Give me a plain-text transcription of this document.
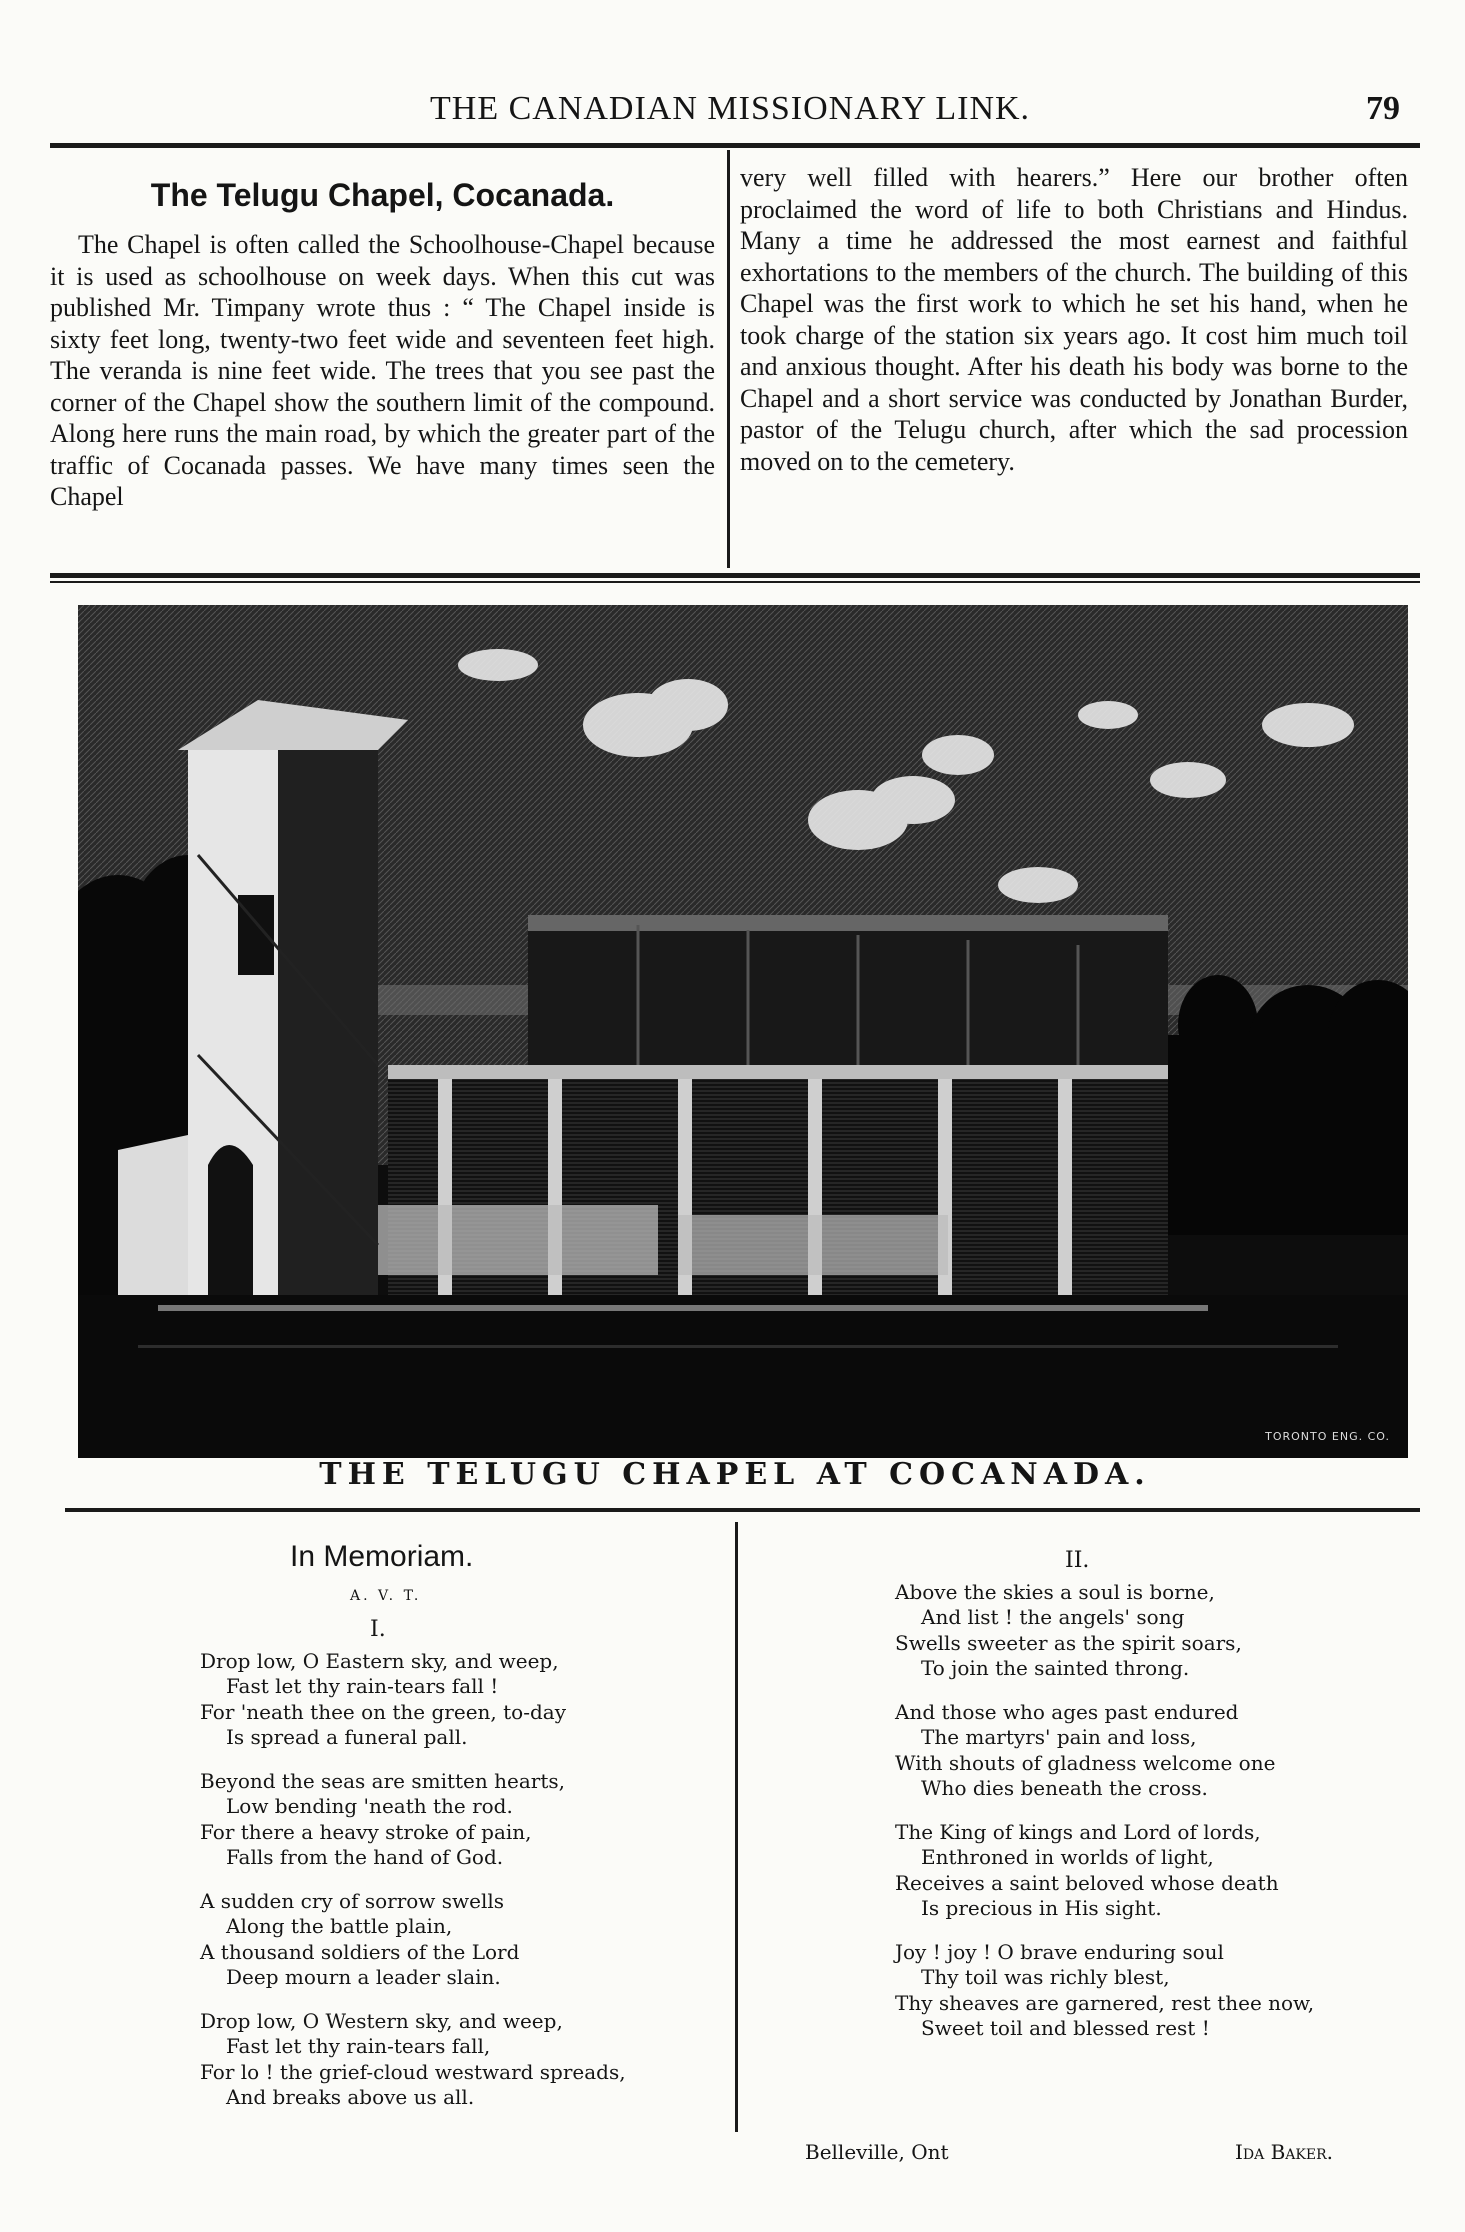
THE CANADIAN MISSIONARY LINK.	79
The Telugu Chapel, Cocanada.

The Chapel is often called the Schoolhouse-Chapel because it is used as schoolhouse on week days. When this cut was published Mr. Timpany wrote thus : “ The Chapel inside is sixty feet long, twenty-two feet wide and seventeen feet high. The veranda is nine feet wide. The trees that you see past the corner of the Chapel show the southern limit of the compound. Along here runs the main road, by which the greater part of the traffic of Cocanada passes. We have many times seen the Chapel

very well filled with hearers.” Here our brother often proclaimed the word of life to both Christians and Hindus. Many a time he addressed the most earnest and faithful exhortations to the members of the church. The building of this Chapel was the first work to which he set his hand, when he took charge of the station six years ago. It cost him much toil and anxious thought. After his death his body was borne to the Chapel and a short service was conducted by Jonathan Burder, pastor of the Telugu church, after which the sad procession moved on to the cemetery.

TORONTO ENG. CO.
THE TELUGU CHAPEL AT COCANADA.
In Memoriam.
A. V. T.
I.
Drop low, O Eastern sky, and weep,
Fast let thy rain-tears fall !
For 'neath thee on the green, to-day
Is spread a funeral pall.
Beyond the seas are smitten hearts,
Low bending 'neath the rod.
For there a heavy stroke of pain,
Falls from the hand of God.
A sudden cry of sorrow swells
Along the battle plain,
A thousand soldiers of the Lord
Deep mourn a leader slain.
Drop low, O Western sky, and weep,
Fast let thy rain-tears fall,
For lo ! the grief-cloud westward spreads,
And breaks above us all.
II.
Above the skies a soul is borne,
And list ! the angels' song
Swells sweeter as the spirit soars,
To join the sainted throng.
And those who ages past endured
The martyrs' pain and loss,
With shouts of gladness welcome one
Who dies beneath the cross.
The King of kings and Lord of lords,
Enthroned in worlds of light,
Receives a saint beloved whose death
Is precious in His sight.
Joy ! joy ! O brave enduring soul
Thy toil was richly blest,
Thy sheaves are garnered, rest thee now,
Sweet toil and blessed rest !
Belleville, Ont	Ida Baker.
